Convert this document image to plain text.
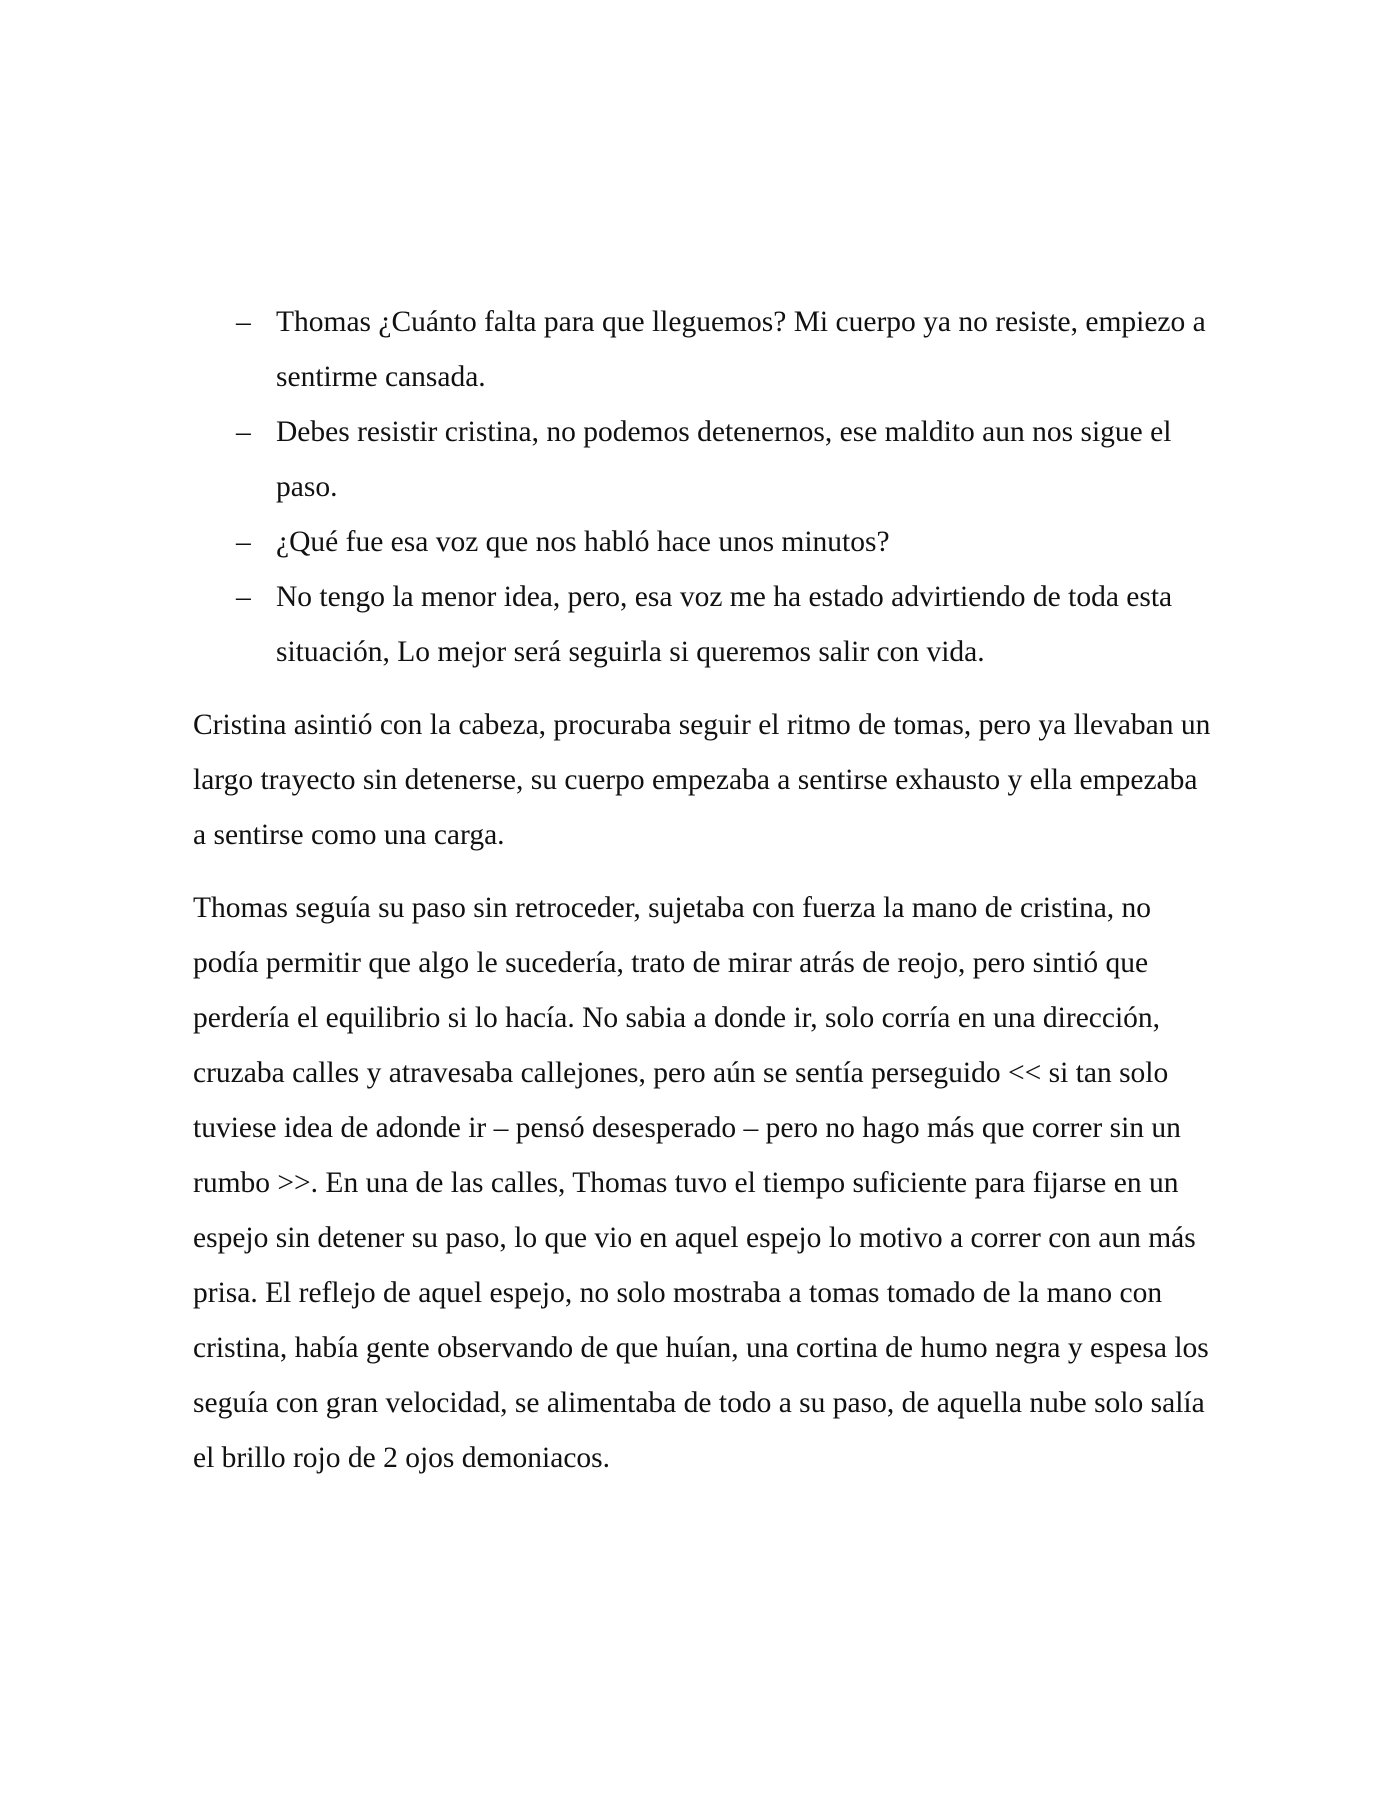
– Thomas ¿Cuánto falta para que lleguemos? Mi cuerpo ya no resiste, empiezo a sentirme cansada.
– Debes resistir cristina, no podemos detenernos, ese maldito aun nos sigue el paso.
– ¿Qué fue esa voz que nos habló hace unos minutos?
– No tengo la menor idea, pero, esa voz me ha estado advirtiendo de toda esta situación, Lo mejor será seguirla si queremos salir con vida.

Cristina asintió con la cabeza, procuraba seguir el ritmo de tomas, pero ya llevaban un largo trayecto sin detenerse, su cuerpo empezaba a sentirse exhausto y ella empezaba a sentirse como una carga.

Thomas seguía su paso sin retroceder, sujetaba con fuerza la mano de cristina, no podía permitir que algo le sucedería, trato de mirar atrás de reojo, pero sintió que perdería el equilibrio si lo hacía. No sabia a donde ir, solo corría en una dirección, cruzaba calles y atravesaba callejones, pero aún se sentía perseguido << si tan solo tuviese idea de adonde ir – pensó desesperado – pero no hago más que correr sin un rumbo >>. En una de las calles, Thomas tuvo el tiempo suficiente para fijarse en un espejo sin detener su paso, lo que vio en aquel espejo lo motivo a correr con aun más prisa. El reflejo de aquel espejo, no solo mostraba a tomas tomado de la mano con cristina, había gente observando de que huían, una cortina de humo negra y espesa los seguía con gran velocidad, se alimentaba de todo a su paso, de aquella nube solo salía el brillo rojo de 2 ojos demoniacos.
